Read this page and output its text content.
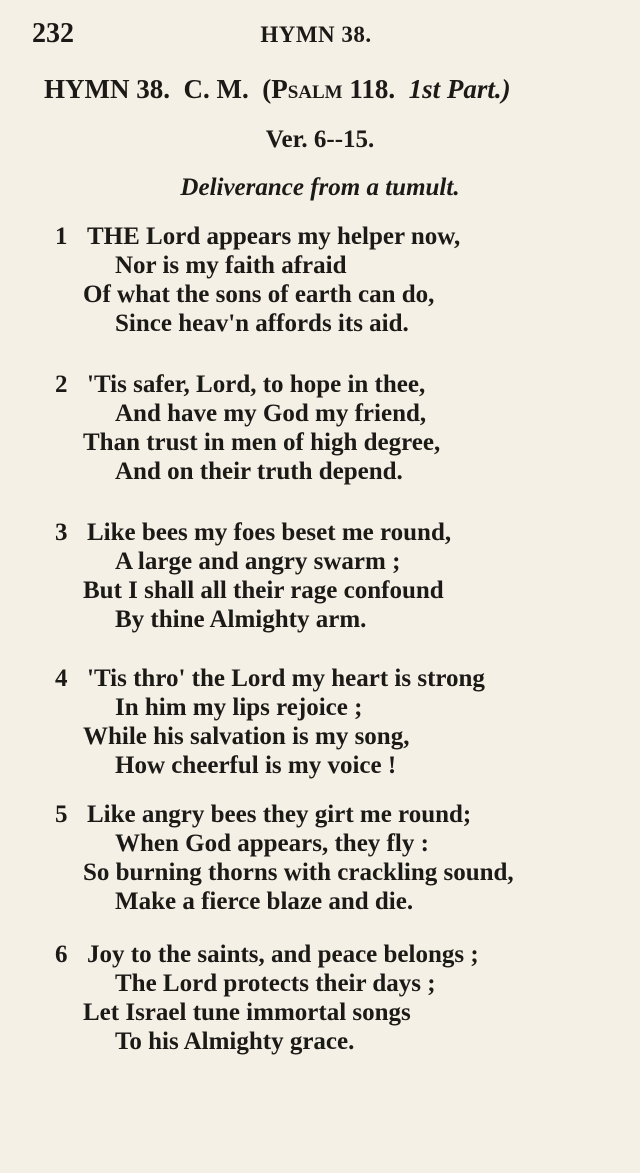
232	HYMN 38.
HYMN 38. C. M. (Psalm 118. 1st Part.)
Ver. 6--15.
Deliverance from a tumult.
1 THE Lord appears my helper now,
Nor is my faith afraid
Of what the sons of earth can do,
Since heav'n affords its aid.
2 'Tis safer, Lord, to hope in thee,
And have my God my friend,
Than trust in men of high degree,
And on their truth depend.
3 Like bees my foes beset me round,
A large and angry swarm ;
But I shall all their rage confound
By thine Almighty arm.
4 'Tis thro' the Lord my heart is strong
In him my lips rejoice ;
While his salvation is my song,
How cheerful is my voice !
5 Like angry bees they girt me round;
When God appears, they fly :
So burning thorns with crackling sound,
Make a fierce blaze and die.
6 Joy to the saints, and peace belongs ;
The Lord protects their days ;
Let Israel tune immortal songs
To his Almighty grace.
